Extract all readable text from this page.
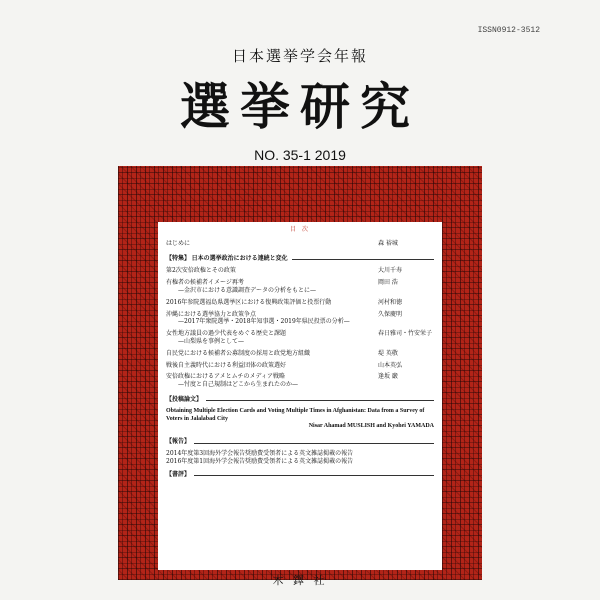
ISSN0912-3512
日本選挙学会年報
選挙研究
NO. 35-1 2019
目 次
はじめに	森 裕城
【特集】 日本の選挙政治における連続と変化
第2次安倍政権とその政策	大川千寿
有権者の候補者イメージ再考	岡田 浩
—金沢市における意識調査データの分析をもとに—
2016年参院選福島県選挙区における復興政策評価と投票行動	河村和徳
沖縄における選挙協力と政策争点	久保慶明
—2017年衆院選挙・2018年知事選・2019年県民投票の分析—
女性地方議員の過少代表をめぐる歴史と課題	春日雅司・竹安栄子
—山梨県を事例として—
自民党における候補者公募制度の採用と政党地方組織	堤 英敬
戦後自主義時代における利益団体の政策選好	山本英弘
安倍政権におけるアメとムチのメディア戦略	逢坂 巌
—忖度と自己規制はどこから生まれたのか—
【投稿論文】
Obtaining Multiple Election Cards and Voting Multiple Times in Afghanistan: Data from a Survey of Voters in Jalalabad City
Nisar Ahamad MUSLISH and Kyohei YAMADA
【報告】
2014年度第3回海外学会報告奨励費受領者による英文雑誌掲載の報告
2016年度第1回海外学会報告奨励費受領者による英文雑誌掲載の報告
【書評】
木 鐸 社
